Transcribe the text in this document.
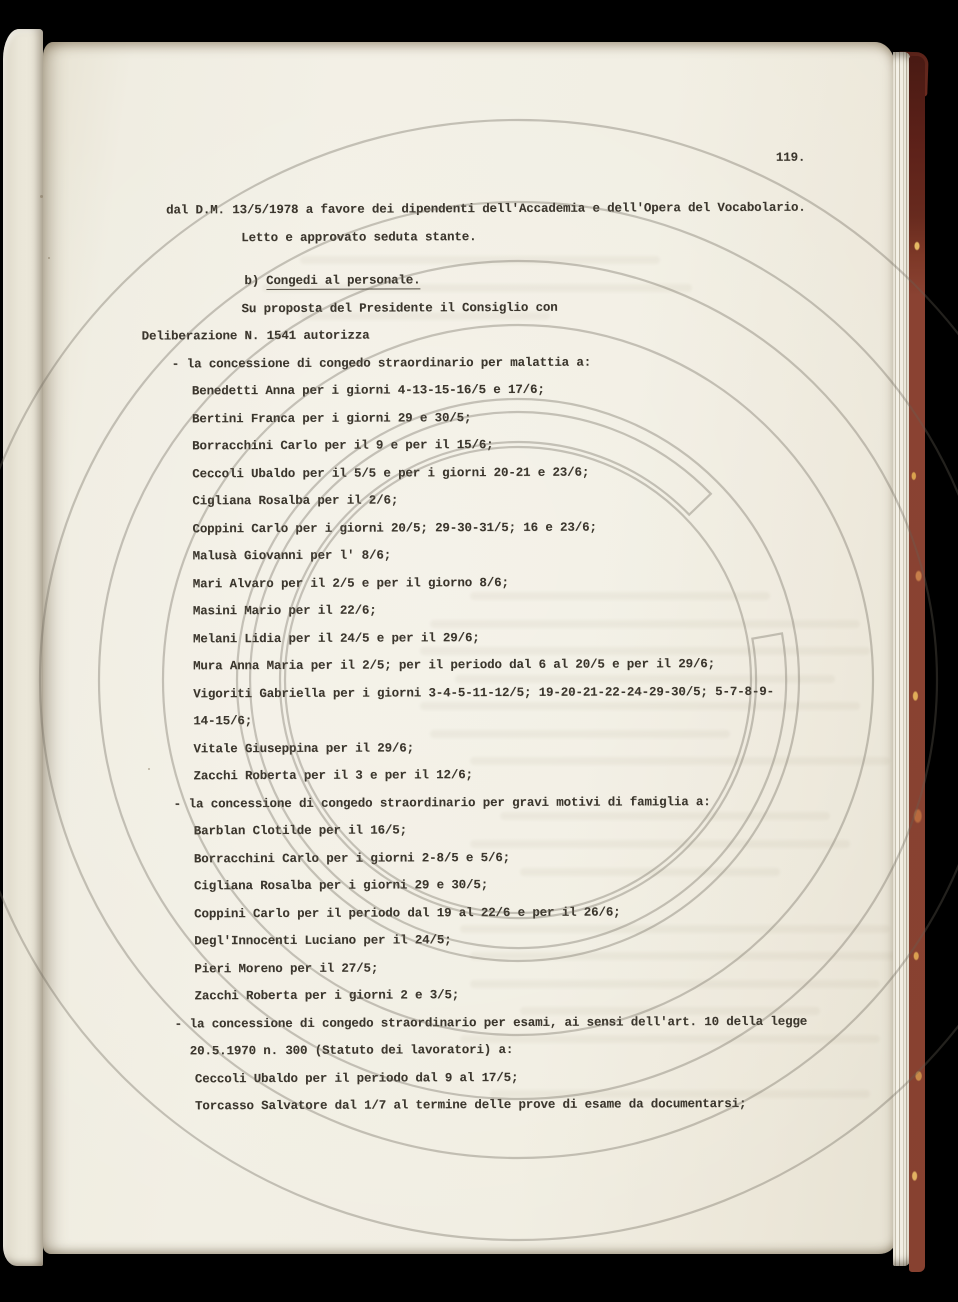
119.
dal D.M. 13/5/1978 a favore dei dipendenti dell'Accademia e dell'Opera del Vocabolario.
Letto e approvato seduta stante.
b) Congedi al personale.
Su proposta del Presidente il Consiglio con
Deliberazione N. 1541 autorizza
- la concessione di congedo straordinario per malattia a:
Benedetti Anna per i giorni 4-13-15-16/5 e 17/6;
Bertini Franca per i giorni 29 e 30/5;
Borracchini Carlo per il 9 e per il 15/6;
Ceccoli Ubaldo per il 5/5 e per i giorni 20-21 e 23/6;
Cigliana Rosalba per il 2/6;
Coppini Carlo per i giorni 20/5; 29-30-31/5; 16 e 23/6;
Malusà Giovanni per l' 8/6;
Mari Alvaro per il 2/5 e per il giorno 8/6;
Masini Mario per il 22/6;
Melani Lidia per il 24/5 e per il 29/6;
Mura Anna Maria per il 2/5; per il periodo dal 6 al 20/5 e per il 29/6;
Vigoriti Gabriella per i giorni 3-4-5-11-12/5; 19-20-21-22-24-29-30/5; 5-7-8-9-
14-15/6;
Vitale Giuseppina per il 29/6;
Zacchi Roberta per il 3 e per il 12/6;
- la concessione di congedo straordinario per gravi motivi di famiglia a:
Barblan Clotilde per il 16/5;
Borracchini Carlo per i giorni 2-8/5 e 5/6;
Cigliana Rosalba per i giorni 29 e 30/5;
Coppini Carlo per il periodo dal 19 al 22/6 e per il 26/6;
Degl'Innocenti Luciano per il 24/5;
Pieri Moreno per il 27/5;
Zacchi Roberta per i giorni 2 e 3/5;
- la concessione di congedo straordinario per esami, ai sensi dell'art. 10 della legge
20.5.1970 n. 300 (Statuto dei lavoratori) a:
Ceccoli Ubaldo per il periodo dal 9 al 17/5;
Torcasso Salvatore dal 1/7 al termine delle prove di esame da documentarsi;
